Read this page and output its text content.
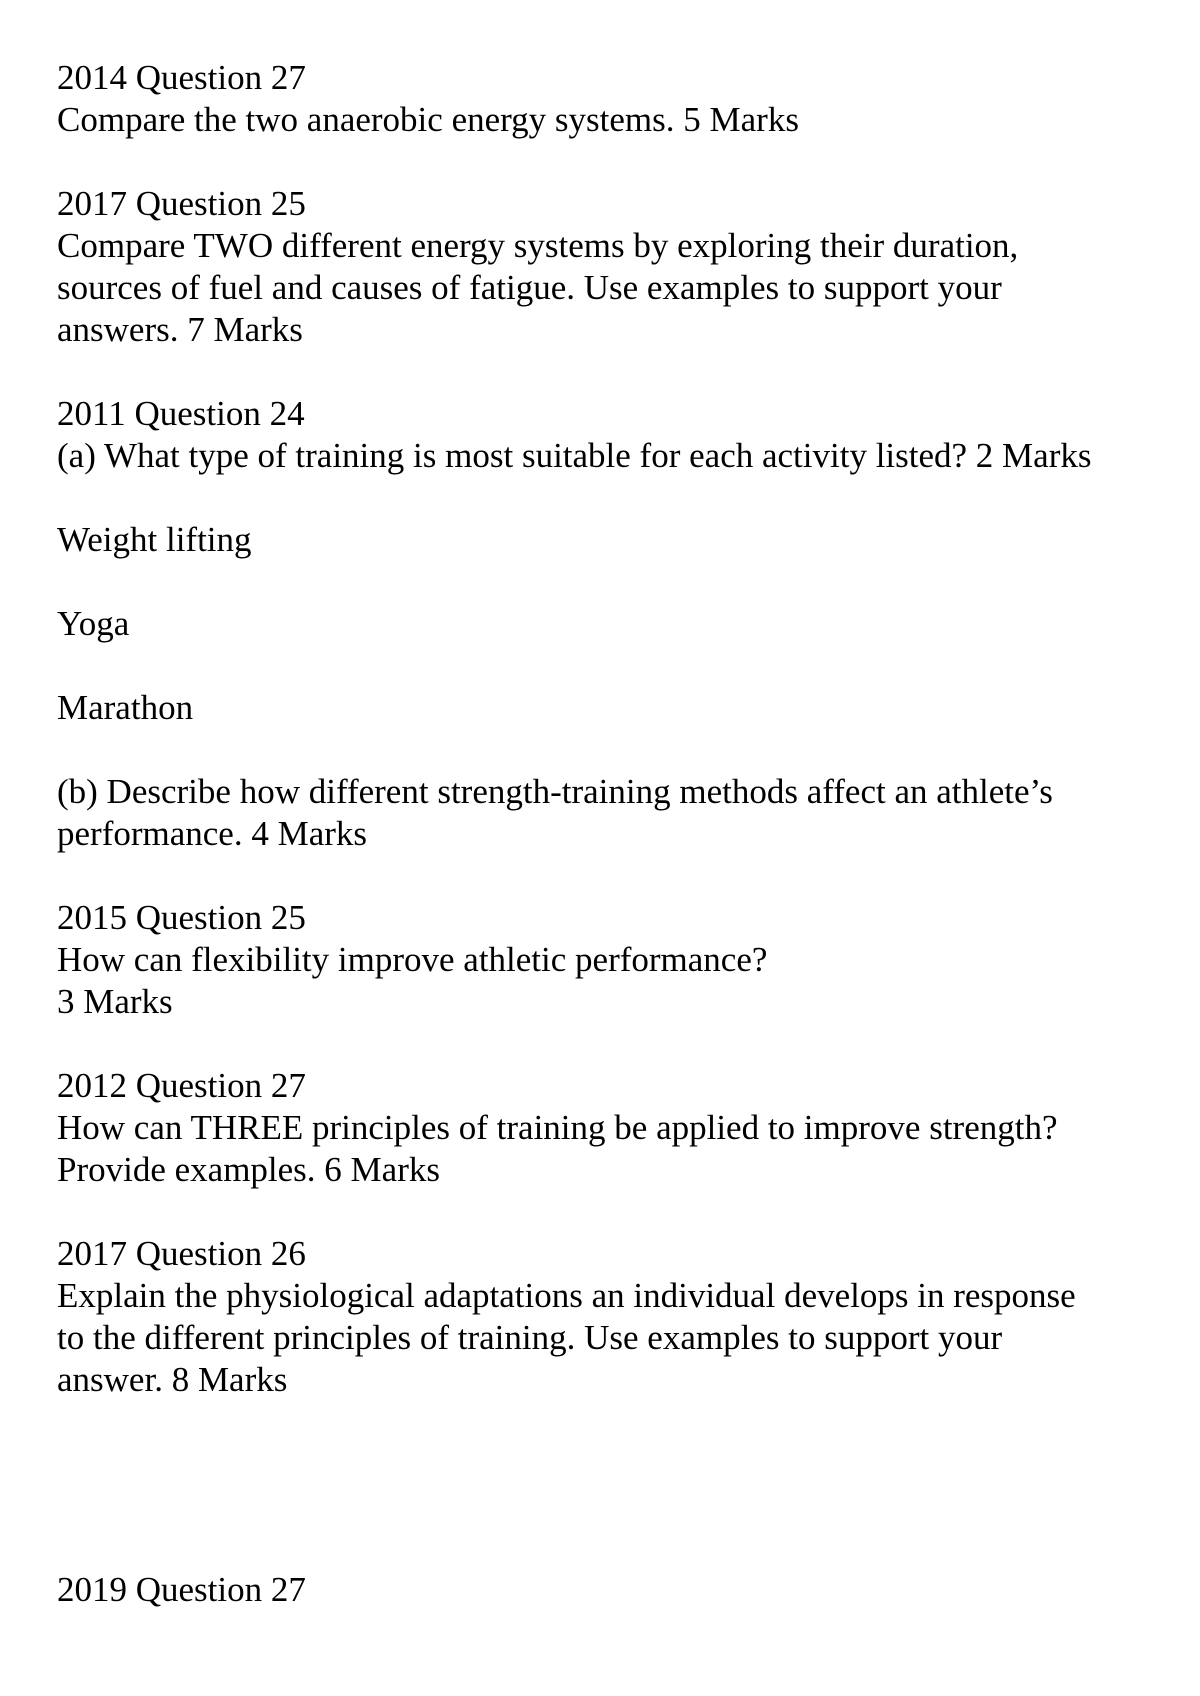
2014 Question 27

Compare the two anaerobic energy systems. 5 Marks

2017 Question 25

Compare TWO different energy systems by exploring their duration,

sources of fuel and causes of fatigue. Use examples to support your

answers. 7 Marks

2011 Question 24

(a) What type of training is most suitable for each activity listed? 2 Marks

Weight lifting

Yoga

Marathon

(b) Describe how different strength-training methods affect an athlete’s

performance. 4 Marks

2015 Question 25

How can flexibility improve athletic performance?

3 Marks

2012 Question 27

How can THREE principles of training be applied to improve strength?

Provide examples. 6 Marks

2017 Question 26

Explain the physiological adaptations an individual develops in response

to the different principles of training. Use examples to support your

answer. 8 Marks

2019 Question 27
